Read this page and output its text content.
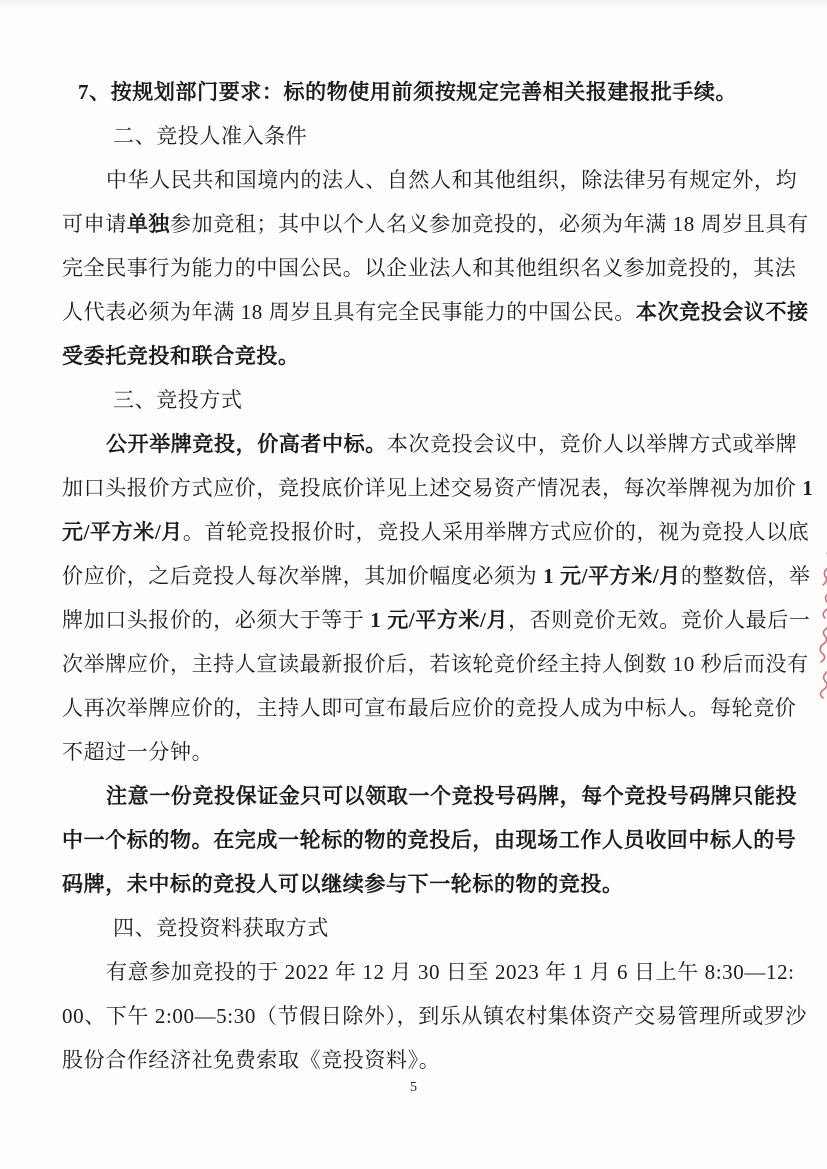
7、按规划部门要求：标的物使用前须按规定完善相关报建报批手续。
二、竞投人准入条件
中华人民共和国境内的法人、自然人和其他组织，除法律另有规定外，均
可申请单独参加竞租；其中以个人名义参加竞投的，必须为年满 18 周岁且具有
完全民事行为能力的中国公民。以企业法人和其他组织名义参加竞投的，其法
人代表必须为年满 18 周岁且具有完全民事能力的中国公民。本次竞投会议不接
受委托竞投和联合竞投。
三、竞投方式
公开举牌竞投，价高者中标。本次竞投会议中，竞价人以举牌方式或举牌
加口头报价方式应价，竞投底价详见上述交易资产情况表，每次举牌视为加价 1
元/平方米/月。首轮竞投报价时，竞投人采用举牌方式应价的，视为竞投人以底
价应价，之后竞投人每次举牌，其加价幅度必须为 1 元/平方米/月的整数倍，举
牌加口头报价的，必须大于等于 1 元/平方米/月，否则竞价无效。竞价人最后一
次举牌应价，主持人宣读最新报价后，若该轮竞价经主持人倒数 10 秒后而没有
人再次举牌应价的，主持人即可宣布最后应价的竞投人成为中标人。每轮竞价
不超过一分钟。
注意一份竞投保证金只可以领取一个竞投号码牌，每个竞投号码牌只能投
中一个标的物。在完成一轮标的物的竞投后，由现场工作人员收回中标人的号
码牌，未中标的竞投人可以继续参与下一轮标的物的竞投。
四、竞投资料获取方式
有意参加竞投的于 2022 年 12 月 30 日至 2023 年 1 月 6 日上午 8:30—12:
00、下午 2:00—5:30（节假日除外），到乐从镇农村集体资产交易管理所或罗沙
股份合作经济社免费索取《竞投资料》。
5
